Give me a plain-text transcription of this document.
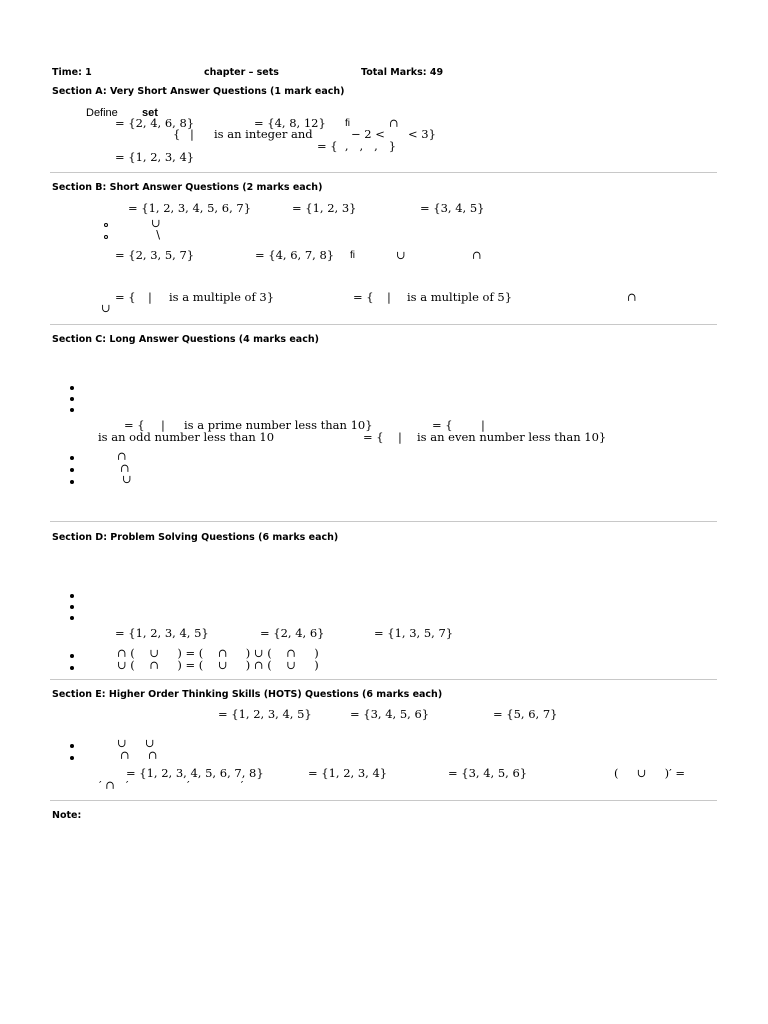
Time: 1	chapter – sets	Total Marks: 49
Section A: Very Short Answer Questions (1 mark each)
Define set
= {2, 4, 6, 8}	= {4, 8, 12} fi	∩
{ | is an integer and	− 2 < < 3}
= {  ,   ,   ,   }
= {1, 2, 3, 4}
Section B: Short Answer Questions (2 marks each)
= {1, 2, 3, 4, 5, 6, 7}	= {1, 2, 3}	= {3, 4, 5}
∪
∖
= {2, 3, 5, 7}	= {4, 6, 7, 8} fi	∪	∩
= { | is a multiple of 3}	= { | is a multiple of 5}	∩
∪
Section C: Long Answer Questions (4 marks each)
= { | is a prime number less than 10}	= { |
is an odd number less than 10	= { | is an even number less than 10}
∩
∩
∪
Section D: Problem Solving Questions (6 marks each)
= {1, 2, 3, 4, 5}	= {2, 4, 6}	= {1, 3, 5, 7}
∩ (    ∪     ) = (    ∩     ) ∪ (    ∩     )
∪ (    ∩     ) = (    ∪     ) ∩ (    ∪     )
Section E: Higher Order Thinking Skills (HOTS) Questions (6 marks each)
= {1, 2, 3, 4, 5}	= {3, 4, 5, 6}	= {5, 6, 7}
∪     ∪
∩     ∩
= {1, 2, 3, 4, 5, 6, 7, 8}	= {1, 2, 3, 4}	= {3, 4, 5, 6}	(     ∪     )′ =
′ ∩   ′                ′              ′
Note:
